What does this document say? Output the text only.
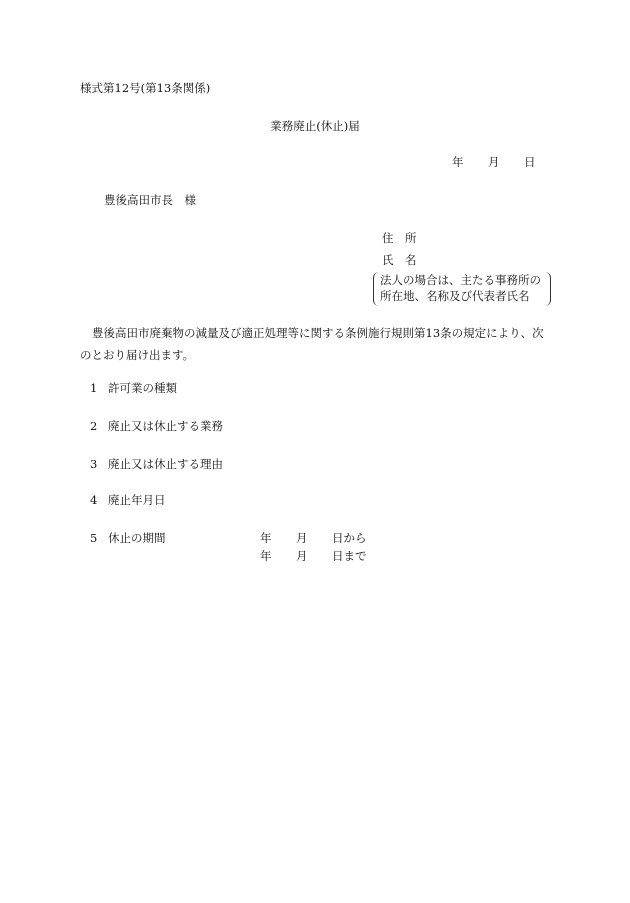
様式第12号(第13条関係)
業務廃止(休止)届
年 月 日
豊後高田市長　様
住　所
氏　名
法人の場合は、主たる事務所の
所在地、名称及び代表者氏名
豊後高田市廃棄物の減量及び適正処理等に関する条例施行規則第13条の規定により、次のとおり届け出ます。
1 許可業の種類
2 廃止又は休止する業務
3 廃止又は休止する理由
4 廃止年月日
5 休止の期間	年 月 日から
年 月 日まで
